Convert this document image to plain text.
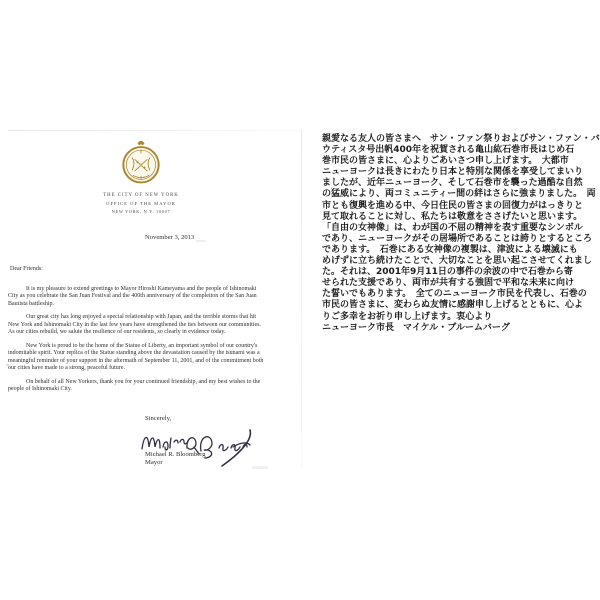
THE CITY OF NEW YORK
OFFICE OF THE MAYOR
NEW YORK, N.Y. 10007
November 3, 2013
Dear Friends:

It is my pleasure to extend greetings to Mayor Hiroshi Kameyama and the people of Ishinomaki City as you celebrate the San Juan Festival and the 400th anniversary of the completion of the San Juan Bautista battleship.

Our great city has long enjoyed a special relationship with Japan, and the terrible storms that hit New York and Ishinomaki City in the last few years have strengthened the ties between our communities. As our cities rebuild, we salute the resilience of our residents, so clearly in evidence today.

New York is proud to be the home of the Statue of Liberty, an important symbol of our country's indomitable spirit. Your replica of the Statue standing above the devastation caused by the tsunami was a meaningful reminder of your support in the aftermath of September 11, 2001, and of the commitment both our cities have made to a strong, peaceful future.

On behalf of all New Yorkers, thank you for your continued friendship, and my best wishes to the people of Ishinomaki City.

Sincerely,
Michael R. Bloomberg
Mayor
親愛なる友人の皆さまへ　サン・ファン祭りおよびサン・ファン・バ
ウティスタ号出帆400年を祝賀される亀山紘石巻市長はじめ石
巻市民の皆さまに、心よりごあいさつ申し上げます。　大都市
ニューヨークは長きにわたり日本と特別な関係を享受してまいり
ましたが、近年ニューヨーク、そして石巻市を襲った過酷な自然
の猛威により、両コミュニティー間の絆はさらに強まりました。　両
市とも復興を進める中、今日住民の皆さまの回復力がはっきりと
見て取れることに対し、私たちは敬意をささげたいと思います。
「自由の女神像」は、わが国の不屈の精神を表す重要なシンボル
であり、ニューヨークがその居場所であることは誇りとするところ
であります。　石巻にある女神像の複製は、津波による壊滅にも
めげずに立ち続けたことで、大切なことを思い起こさせてくれまし
た。それは、2001年9月11日の事件の余波の中で石巻から寄
せられた支援であり、両市が共有する強固で平和な未来に向け
た誓いでもあります。　全てのニューヨーク市民を代表し、石巻の
市民の皆さまに、変わらぬ友情に感謝申し上げるとともに、心よ
りご多幸をお祈り申し上げます。衷心より
ニューヨーク市長　マイケル・ブルームバーグ
